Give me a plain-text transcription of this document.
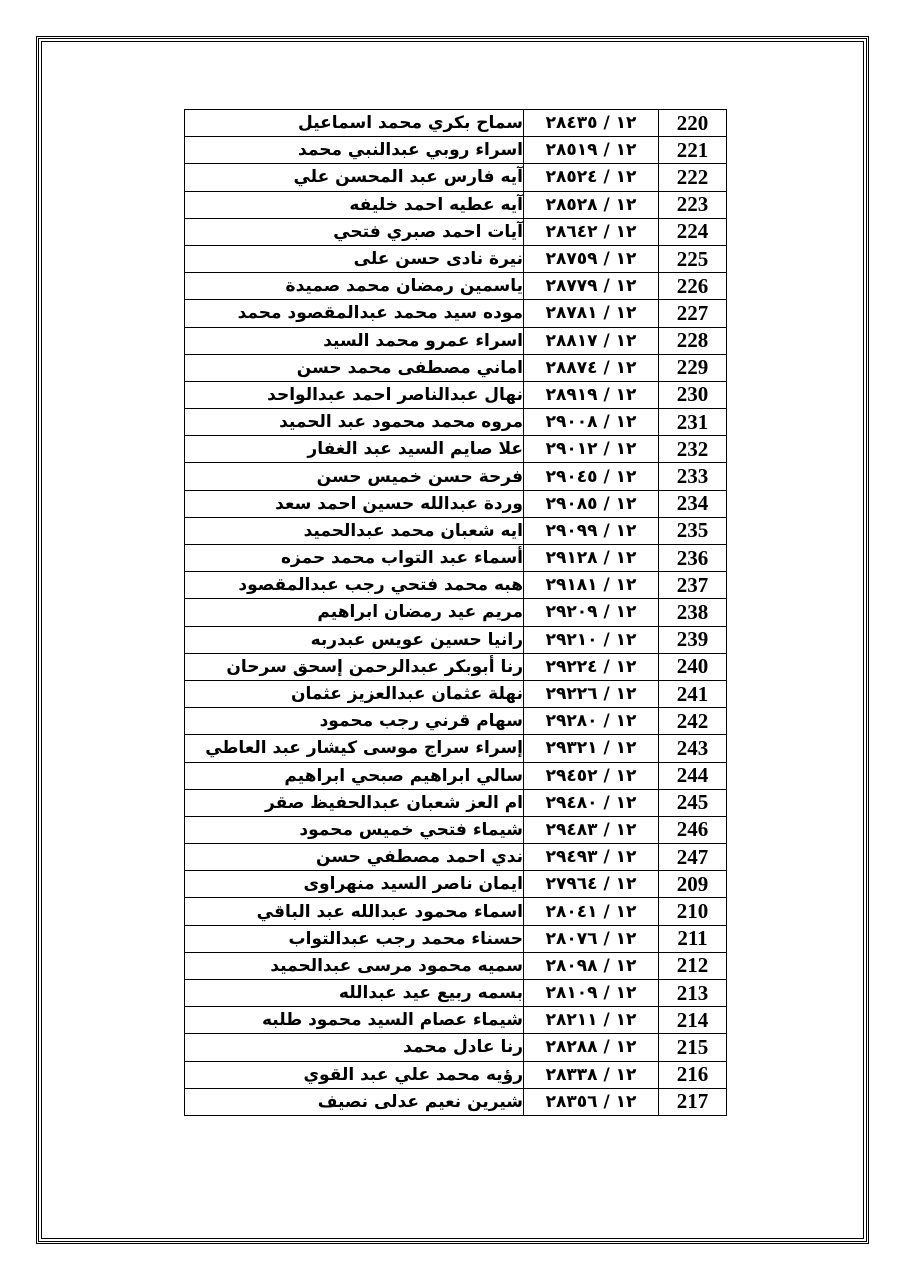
سماح بكري محمد اسماعيل	١٢ / ٢٨٤٣٥	220
اسراء روبي عبدالنبي محمد	١٢ / ٢٨٥١٩	221
آيه فارس عبد المحسن علي	١٢ / ٢٨٥٢٤	222
آيه عطيه احمد خليفه	١٢ / ٢٨٥٢٨	223
آيات احمد صبري فتحي	١٢ / ٢٨٦٤٢	224
نيرة نادى حسن على	١٢ / ٢٨٧٥٩	225
ياسمين رمضان محمد صميدة	١٢ / ٢٨٧٧٩	226
موده سيد محمد عبدالمقصود محمد	١٢ / ٢٨٧٨١	227
اسراء عمرو محمد السيد	١٢ / ٢٨٨١٧	228
اماني مصطفى محمد حسن	١٢ / ٢٨٨٧٤	229
نهال عبدالناصر احمد عبدالواحد	١٢ / ٢٨٩١٩	230
مروه محمد محمود عبد الحميد	١٢ / ٢٩٠٠٨	231
علا صايم السيد عبد الغفار	١٢ / ٢٩٠١٢	232
فرحة حسن خميس حسن	١٢ / ٢٩٠٤٥	233
وردة عبدالله حسين احمد سعد	١٢ / ٢٩٠٨٥	234
ايه شعبان محمد عبدالحميد	١٢ / ٢٩٠٩٩	235
أسماء عبد التواب محمد حمزه	١٢ / ٢٩١٢٨	236
هبه محمد فتحي رجب عبدالمقصود	١٢ / ٢٩١٨١	237
مريم عيد رمضان ابراهيم	١٢ / ٢٩٢٠٩	238
رانيا حسين عويس عبدربه	١٢ / ٢٩٢١٠	239
رنا أبوبكر عبدالرحمن إسحق سرحان	١٢ / ٢٩٢٢٤	240
نهلة عثمان عبدالعزيز عثمان	١٢ / ٢٩٢٢٦	241
سهام قرني رجب محمود	١٢ / ٢٩٢٨٠	242
إسراء سراج موسى كيشار عبد العاطي	١٢ / ٢٩٣٢١	243
سالي ابراهيم صبحي ابراهيم	١٢ / ٢٩٤٥٢	244
ام العز شعبان عبدالحفيظ صقر	١٢ / ٢٩٤٨٠	245
شيماء فتحي خميس محمود	١٢ / ٢٩٤٨٣	246
ندي احمد مصطفي حسن	١٢ / ٢٩٤٩٣	247
ايمان ناصر السيد منهراوى	١٢ / ٢٧٩٦٤	209
اسماء محمود عبدالله عبد الباقي	١٢ / ٢٨٠٤١	210
حسناء محمد رجب عبدالتواب	١٢ / ٢٨٠٧٦	211
سميه محمود مرسى عبدالحميد	١٢ / ٢٨٠٩٨	212
بسمه ربيع عيد عبدالله	١٢ / ٢٨١٠٩	213
شيماء عصام السيد محمود طلبه	١٢ / ٢٨٢١١	214
رنا عادل محمد	١٢ / ٢٨٢٨٨	215
رؤيه محمد علي عبد القوي	١٢ / ٢٨٣٣٨	216
شيرين نعيم عدلى نصيف	١٢ / ٢٨٣٥٦	217
